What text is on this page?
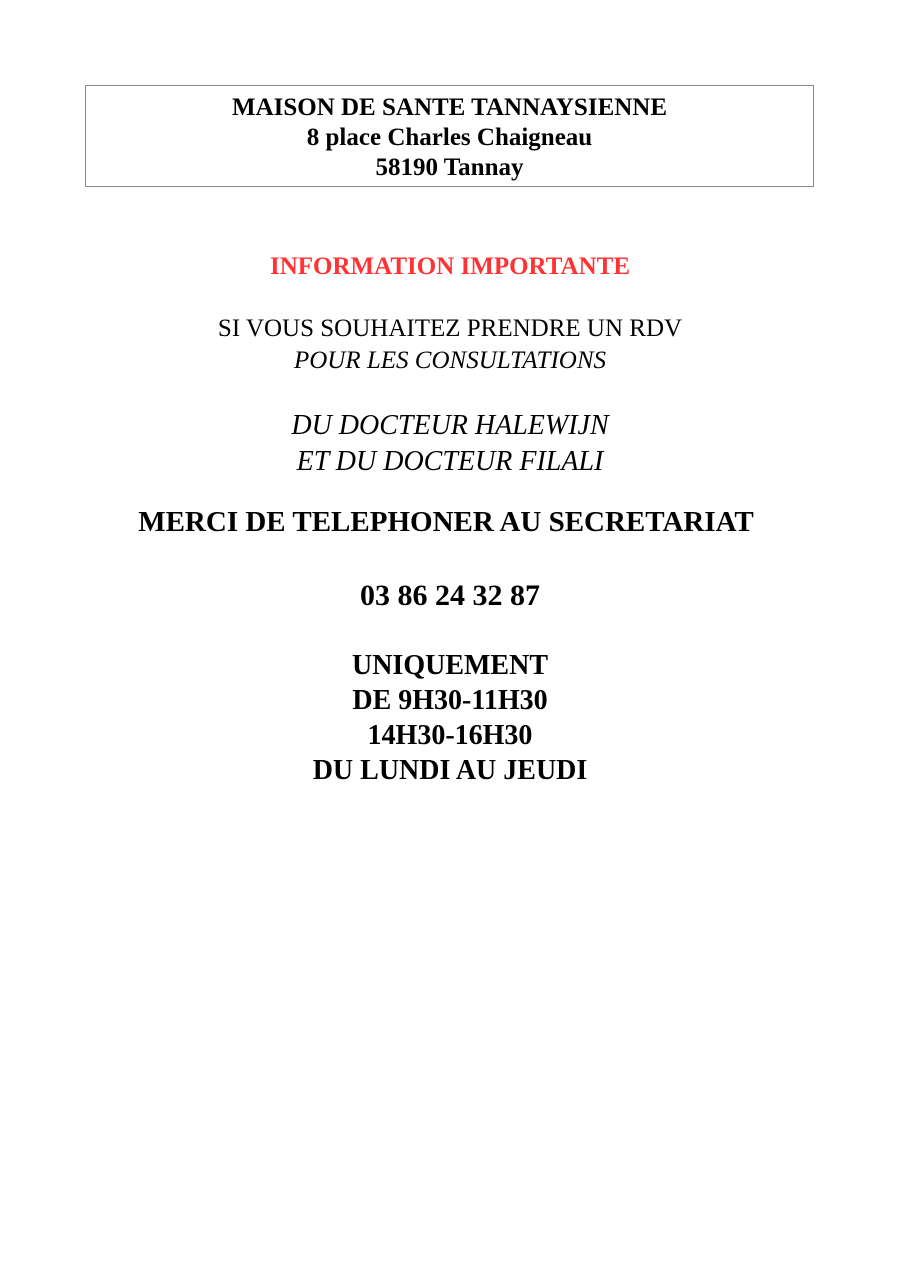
MAISON DE SANTE TANNAYSIENNE
8 place Charles Chaigneau
58190 Tannay
INFORMATION IMPORTANTE
SI VOUS SOUHAITEZ PRENDRE UN RDV
POUR LES CONSULTATIONS
DU DOCTEUR HALEWIJN
ET DU DOCTEUR FILALI
MERCI DE TELEPHONER AU SECRETARIAT
03 86 24 32 87
UNIQUEMENT
DE 9H30-11H30
14H30-16H30
DU LUNDI AU JEUDI
